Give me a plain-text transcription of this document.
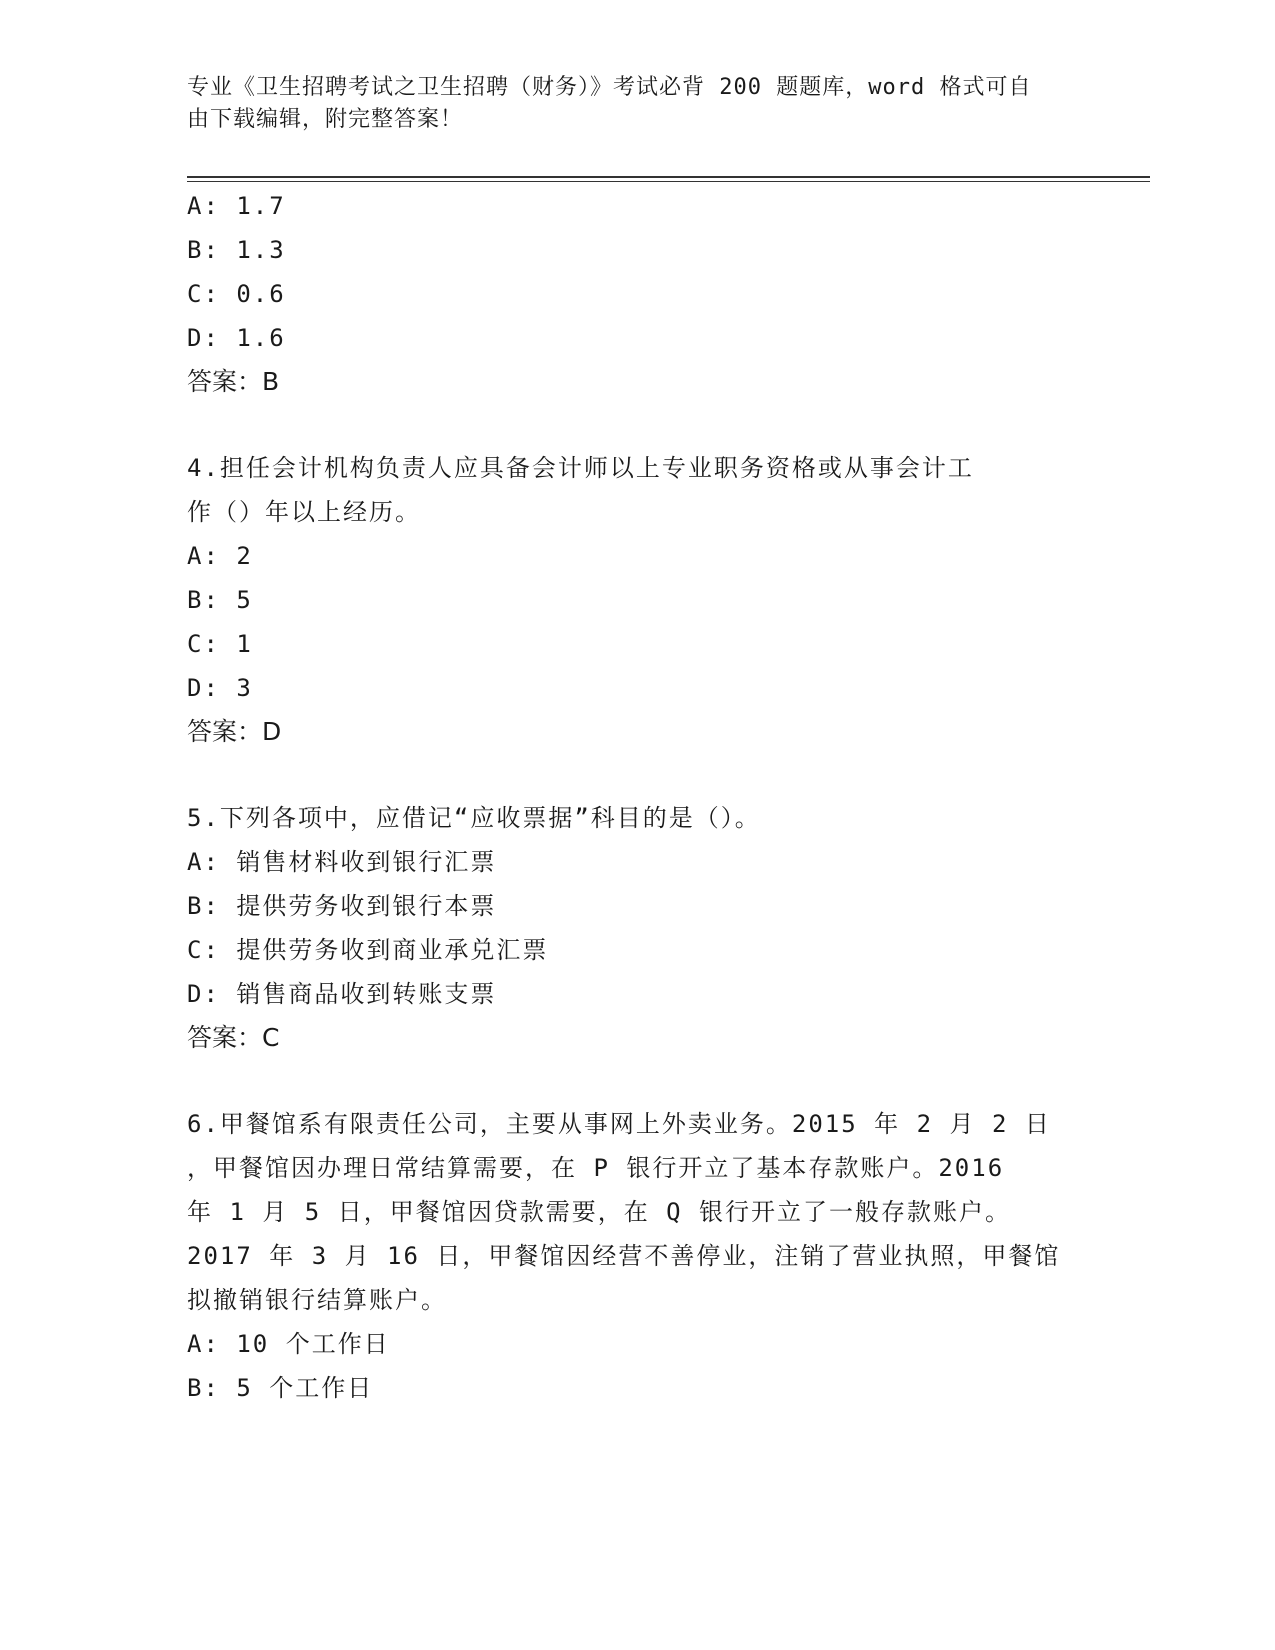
专业《卫生招聘考试之卫生招聘（财务）》考试必背 200 题题库，word 格式可自
由下载编辑，附完整答案！
A: 1.7
B: 1.3
C: 0.6
D: 1.6
答案：B
4.担任会计机构负责人应具备会计师以上专业职务资格或从事会计工
作（）年以上经历。
A: 2
B: 5
C: 1
D: 3
答案：D
5.下列各项中，应借记“应收票据”科目的是（）。
A: 销售材料收到银行汇票
B: 提供劳务收到银行本票
C: 提供劳务收到商业承兑汇票
D: 销售商品收到转账支票
答案：C
6.甲餐馆系有限责任公司，主要从事网上外卖业务。2015 年 2 月 2 日
，甲餐馆因办理日常结算需要，在 P 银行开立了基本存款账户。2016
年 1 月 5 日，甲餐馆因贷款需要，在 Q 银行开立了一般存款账户。
2017 年 3 月 16 日，甲餐馆因经营不善停业，注销了营业执照，甲餐馆
拟撤销银行结算账户。
A: 10 个工作日
B: 5 个工作日
